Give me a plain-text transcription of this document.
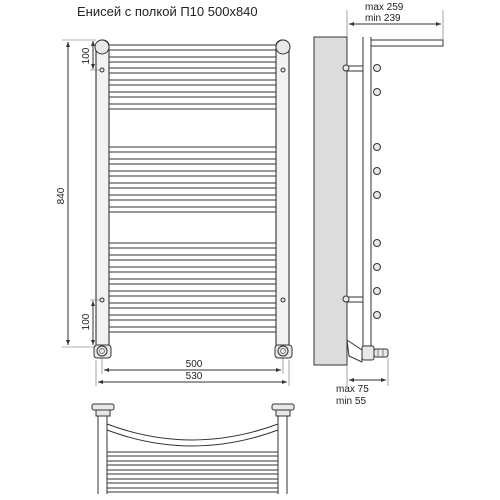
Енисей с полкой П10 500х840
840
100
100
500
530
max 259
min 239
max 75
min 55
